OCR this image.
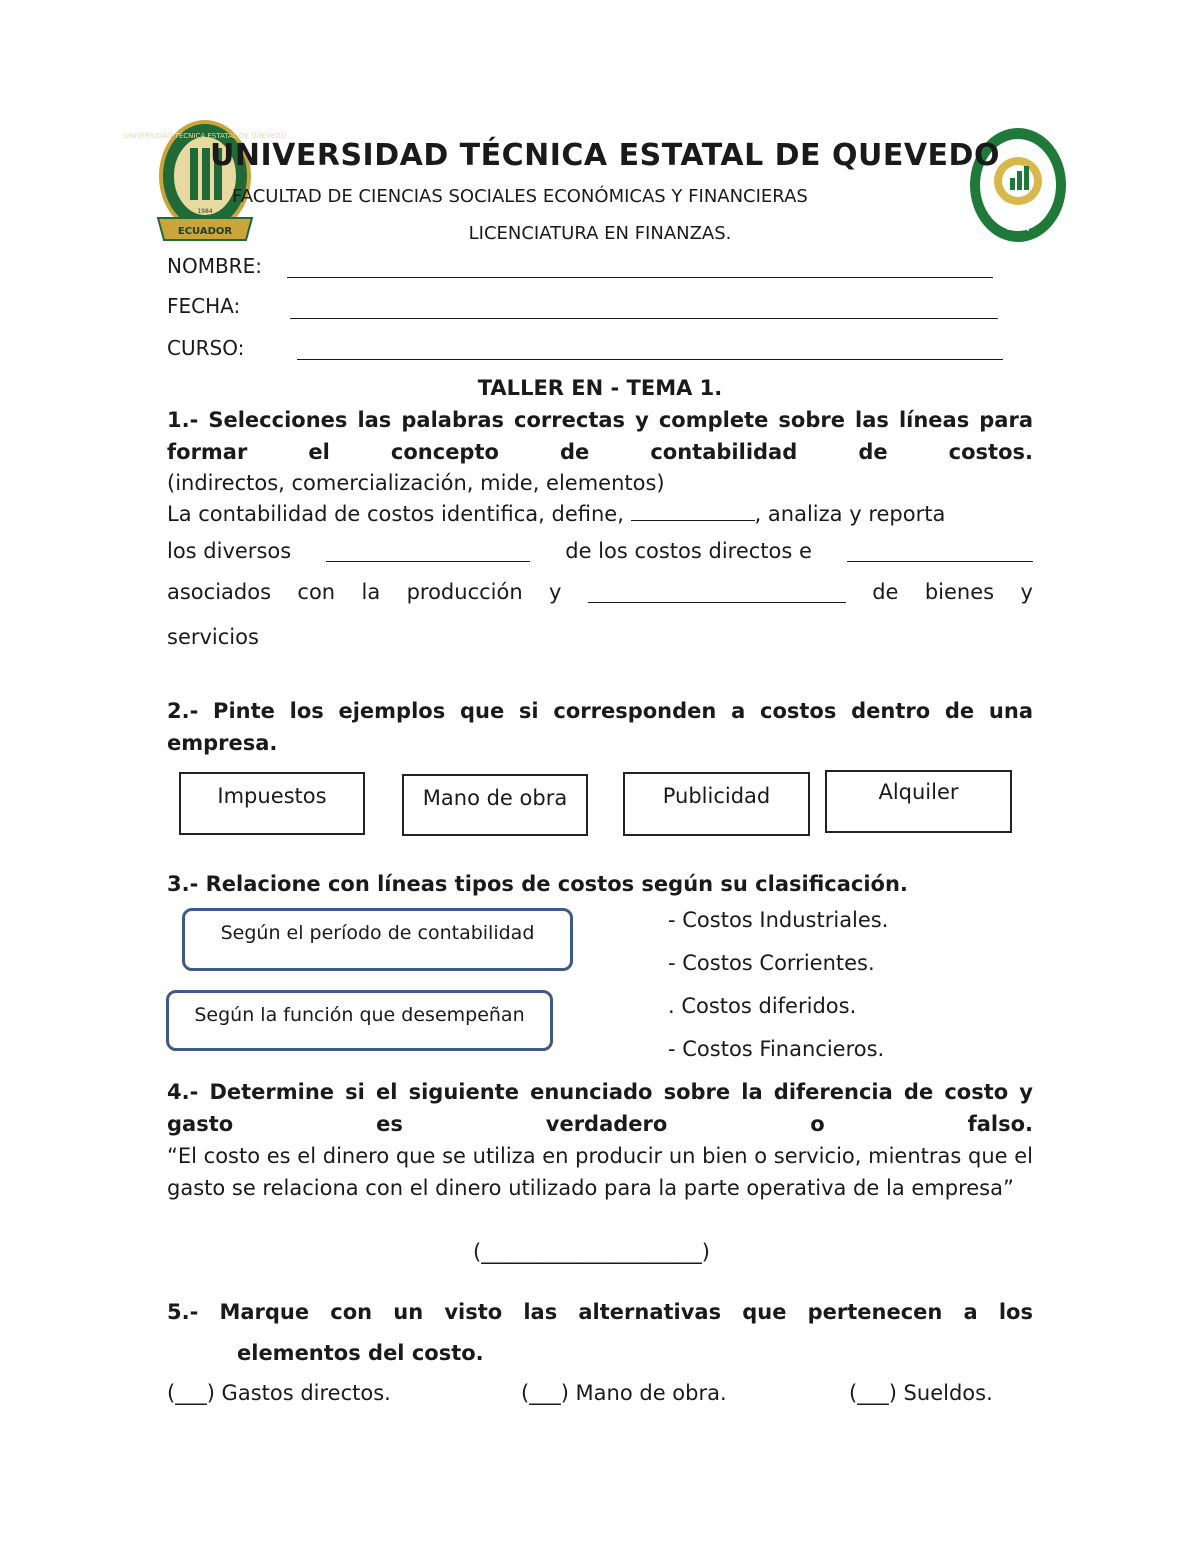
UNIVERSIDAD TÉCNICA ESTATAL DE QUEVEDO
ECUADOR
1984
UTEQ
UNIVERSIDAD TÉCNICA ESTATAL DE QUEVEDO
FACULTAD DE CIENCIAS SOCIALES ECONÓMICAS Y FINANCIERAS
LICENCIATURA EN FINANZAS.
NOMBRE:
FECHA:
CURSO:
TALLER EN - TEMA 1.
1.- Selecciones las palabras correctas y complete sobre las líneas para formar el concepto de contabilidad de costos.
(indirectos, comercialización, mide, elementos)
La contabilidad de costos identifica, define,	, analiza y reporta
los diversos	de los costos directos e
asociados con la producción y	de bienes y
servicios
2.- Pinte los ejemplos que si corresponden a costos dentro de una empresa.
Impuestos	Mano de obra	Publicidad	Alquiler
3.- Relacione con líneas tipos de costos según su clasificación.
Según el período de contabilidad
Según la función que desempeñan
- Costos Industriales.
- Costos Corrientes.
. Costos diferidos.
- Costos Financieros.
4.- Determine si el siguiente enunciado sobre la diferencia de costo y gasto es verdadero o falso.
“El costo es el dinero que se utiliza en producir un bien o servicio, mientras que el gasto se relaciona con el dinero utilizado para la parte operativa de la empresa”
(_____________________)
5.- Marque con un visto las alternativas que pertenecen a los
elementos del costo.
(___) Gastos directos.	(___) Mano de obra.	(___) Sueldos.
